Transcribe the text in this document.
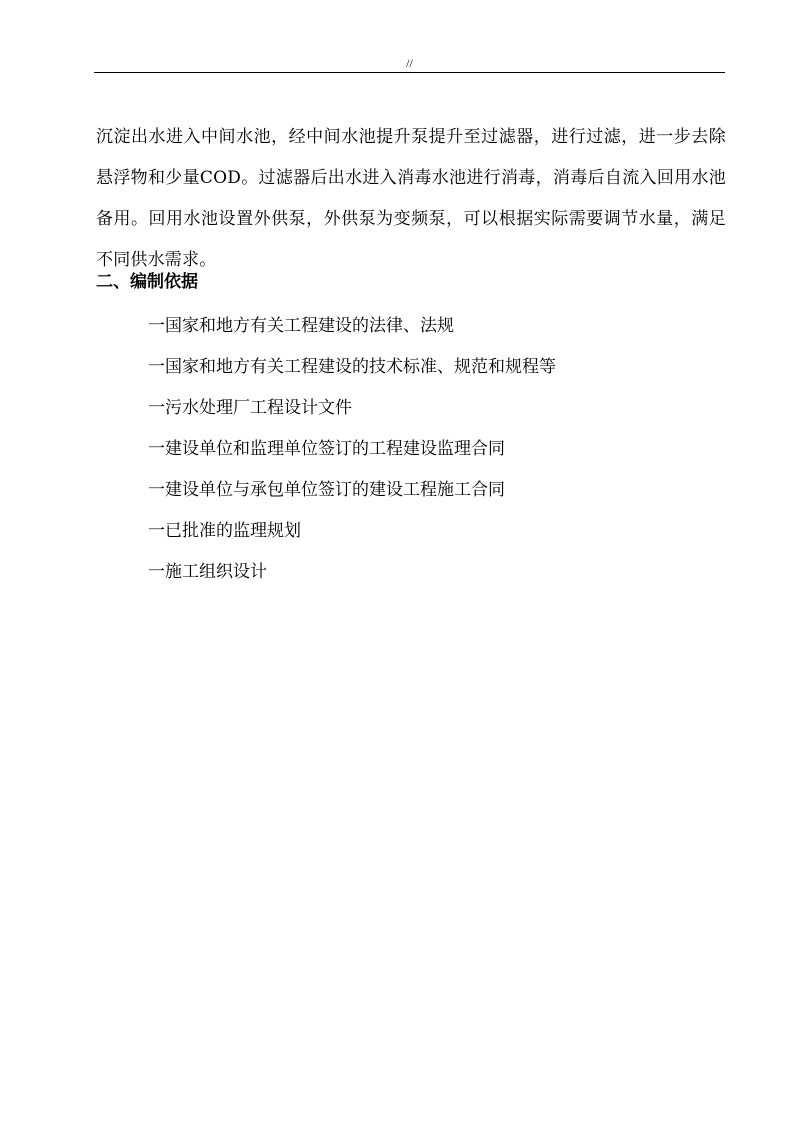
//

沉淀出水进入中间水池，经中间水池提升泵提升至过滤器，进行过滤，进一步去除悬浮物和少量COD。过滤器后出水进入消毒水池进行消毒，消毒后自流入回用水池备用。回用水池设置外供泵，外供泵为变频泵，可以根据实际需要调节水量，满足不同供水需求。

二、编制依据
一国家和地方有关工程建设的法律、法规
一国家和地方有关工程建设的技术标准、规范和规程等
一污水处理厂工程设计文件
一建设单位和监理单位签订的工程建设监理合同
一建设单位与承包单位签订的建设工程施工合同
一已批准的监理规划
一施工组织设计
